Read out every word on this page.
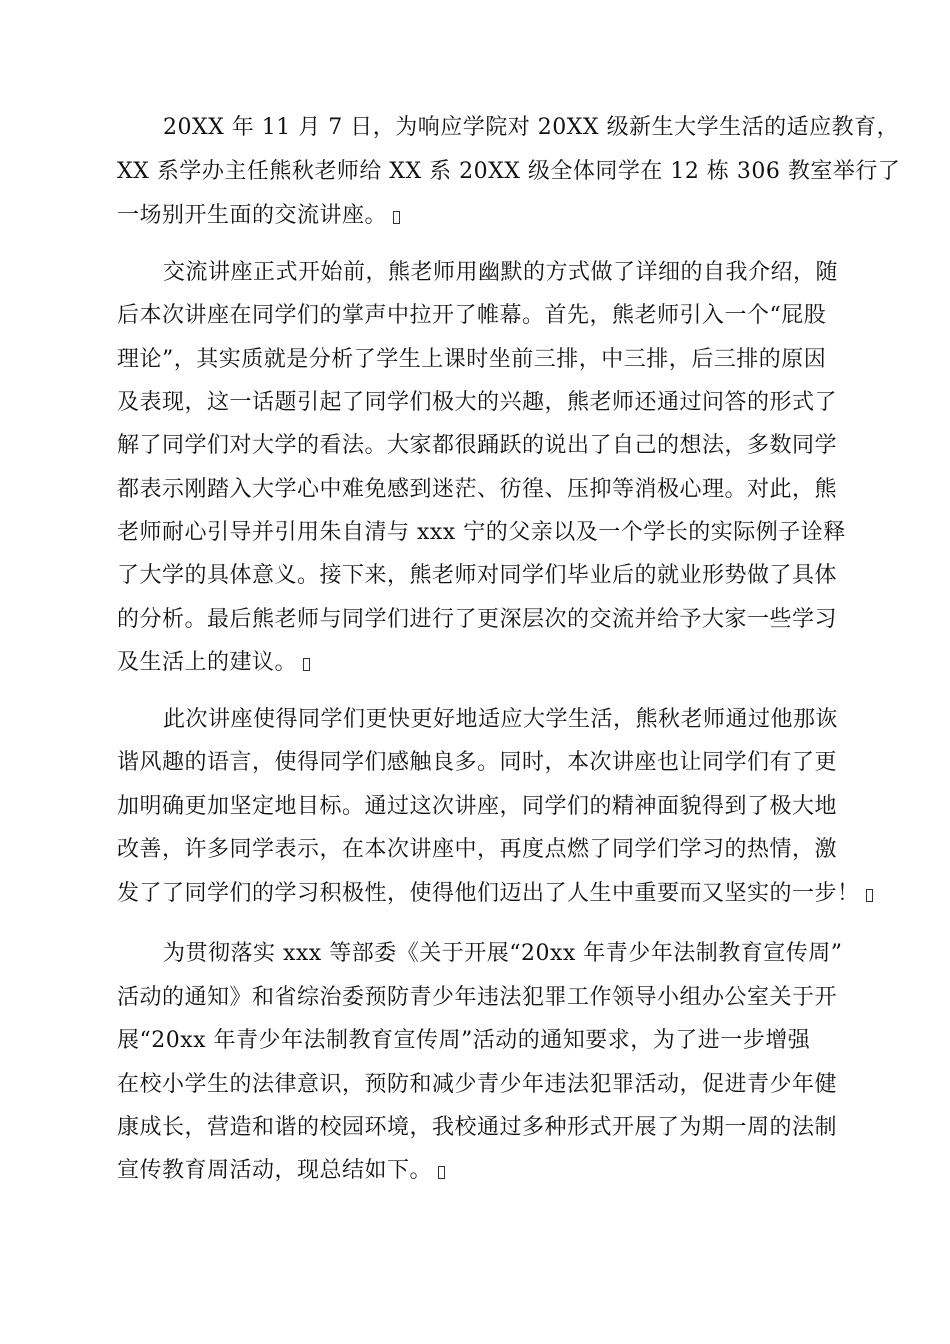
20XX 年 11 月 7 日，为响应学院对 20XX 级新生大学生活的适应教育，
XX 系学办主任熊秋老师给 XX 系 20XX 级全体同学在 12 栋 306 教室举行了
一场别开生面的交流讲座。
交流讲座正式开始前，熊老师用幽默的方式做了详细的自我介绍，随
后本次讲座在同学们的掌声中拉开了帷幕。首先，熊老师引入一个“屁股
理论”，其实质就是分析了学生上课时坐前三排，中三排，后三排的原因
及表现，这一话题引起了同学们极大的兴趣，熊老师还通过问答的形式了
解了同学们对大学的看法。大家都很踊跃的说出了自己的想法，多数同学
都表示刚踏入大学心中难免感到迷茫、彷徨、压抑等消极心理。对此，熊
老师耐心引导并引用朱自清与 xxx 宁的父亲以及一个学长的实际例子诠释
了大学的具体意义。接下来，熊老师对同学们毕业后的就业形势做了具体
的分析。最后熊老师与同学们进行了更深层次的交流并给予大家一些学习
及生活上的建议。
此次讲座使得同学们更快更好地适应大学生活，熊秋老师通过他那诙
谐风趣的语言，使得同学们感触良多。同时，本次讲座也让同学们有了更
加明确更加坚定地目标。通过这次讲座，同学们的精神面貌得到了极大地
改善，许多同学表示，在本次讲座中，再度点燃了同学们学习的热情，激
发了了同学们的学习积极性，使得他们迈出了人生中重要而又坚实的一步！
为贯彻落实 xxx 等部委《关于开展“20xx 年青少年法制教育宣传周”
活动的通知》和省综治委预防青少年违法犯罪工作领导小组办公室关于开
展“20xx 年青少年法制教育宣传周”活动的通知要求，为了进一步增强
在校小学生的法律意识，预防和减少青少年违法犯罪活动，促进青少年健
康成长，营造和谐的校园环境，我校通过多种形式开展了为期一周的法制
宣传教育周活动，现总结如下。
